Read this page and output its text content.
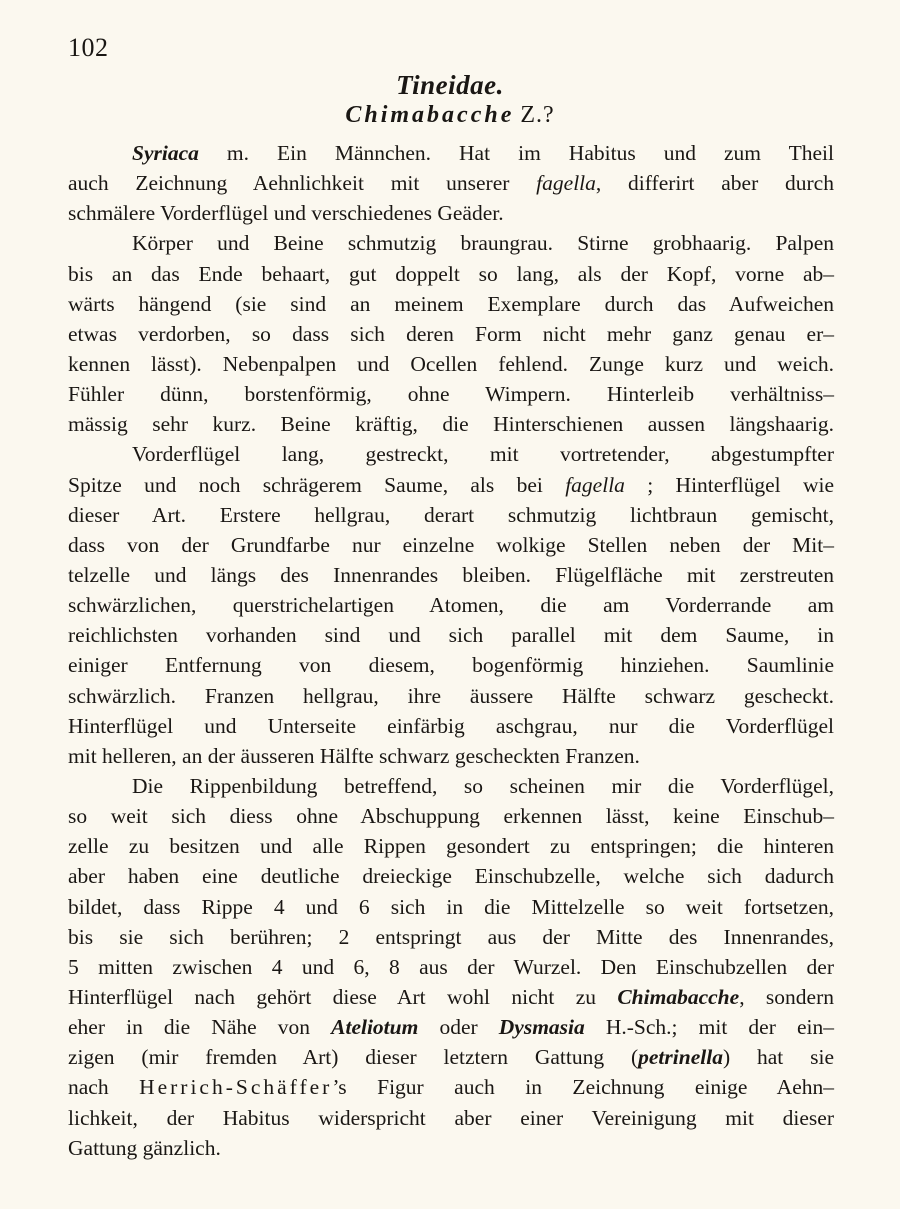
102
Tineidae.
Chimabacche Z.?
Syriaca m. Ein Männchen. Hat im Habitus und zum Theil
auch Zeichnung Aehnlichkeit mit unserer fagella, differirt aber durch
schmälere Vorderflügel und verschiedenes Geäder.
Körper und Beine schmutzig braungrau. Stirne grobhaarig. Palpen
bis an das Ende behaart, gut doppelt so lang, als der Kopf, vorne ab–
wärts hängend (sie sind an meinem Exemplare durch das Aufweichen
etwas verdorben, so dass sich deren Form nicht mehr ganz genau er–
kennen lässt). Nebenpalpen und Ocellen fehlend. Zunge kurz und weich.
Fühler dünn, borstenförmig, ohne Wimpern. Hinterleib verhältniss–
mässig sehr kurz. Beine kräftig, die Hinterschienen aussen längshaarig.
Vorderflügel lang, gestreckt, mit vortretender, abgestumpfter
Spitze und noch schrägerem Saume, als bei fagella ; Hinterflügel wie
dieser Art. Erstere hellgrau, derart schmutzig lichtbraun gemischt,
dass von der Grundfarbe nur einzelne wolkige Stellen neben der Mit–
telzelle und längs des Innenrandes bleiben. Flügelfläche mit zerstreuten
schwärzlichen, querstrichelartigen Atomen, die am Vorderrande am
reichlichsten vorhanden sind und sich parallel mit dem Saume, in
einiger Entfernung von diesem, bogenförmig hinziehen. Saumlinie
schwärzlich. Franzen hellgrau, ihre äussere Hälfte schwarz gescheckt.
Hinterflügel und Unterseite einfärbig aschgrau, nur die Vorderflügel
mit helleren, an der äusseren Hälfte schwarz gescheckten Franzen.
Die Rippenbildung betreffend, so scheinen mir die Vorderflügel,
so weit sich diess ohne Abschuppung erkennen lässt, keine Einschub–
zelle zu besitzen und alle Rippen gesondert zu entspringen; die hinteren
aber haben eine deutliche dreieckige Einschubzelle, welche sich dadurch
bildet, dass Rippe 4 und 6 sich in die Mittelzelle so weit fortsetzen,
bis sie sich berühren; 2 entspringt aus der Mitte des Innenrandes,
5 mitten zwischen 4 und 6, 8 aus der Wurzel. Den Einschubzellen der
Hinterflügel nach gehört diese Art wohl nicht zu Chimabacche, sondern
eher in die Nähe von Ateliotum oder Dysmasia H.-Sch.; mit der ein–
zigen (mir fremden Art) dieser letztern Gattung (petrinella) hat sie
nach Herrich-Schäffer’s Figur auch in Zeichnung einige Aehn–
lichkeit, der Habitus widerspricht aber einer Vereinigung mit dieser
Gattung gänzlich.
